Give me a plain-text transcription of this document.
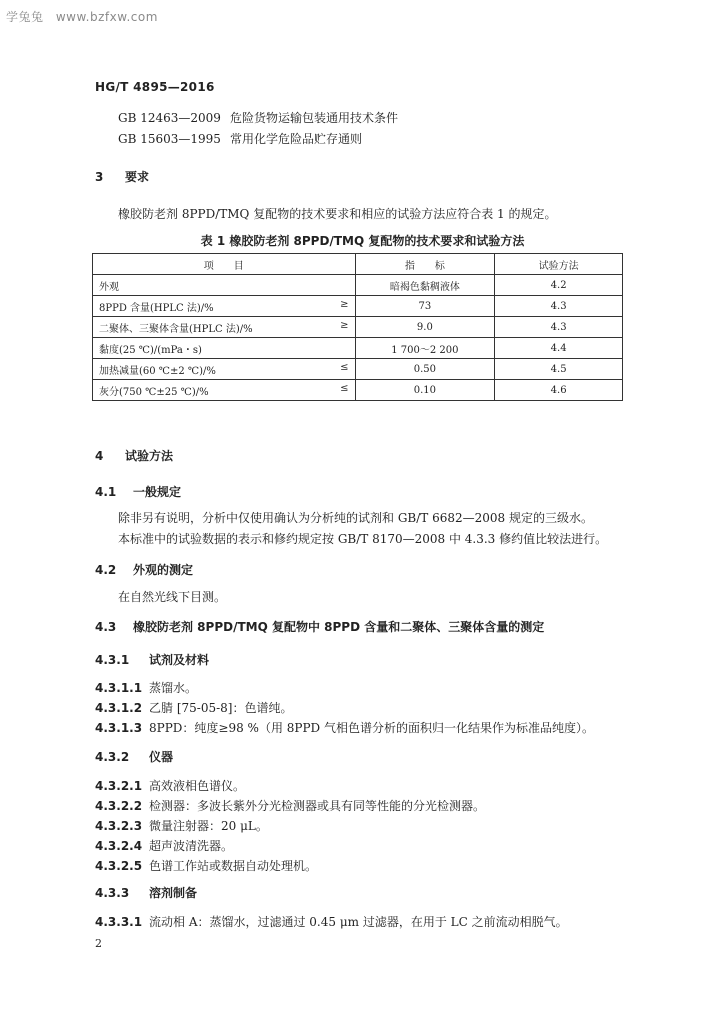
学兔兔 www.bzfxw.com
HG/T 4895—2016
GB 12463—2009 危险货物运输包装通用技术条件
GB 15603—1995 常用化学危险品贮存通则
3 要求
橡胶防老剂 8PPD/TMQ 复配物的技术要求和相应的试验方法应符合表 1 的规定。
表 1 橡胶防老剂 8PPD/TMQ 复配物的技术要求和试验方法
项　　目	指　　标	试验方法

外观	暗褐色黏稠液体	4.2

8PPD 含量(HPLC 法)/% ≥	73	4.3

二聚体、三聚体含量(HPLC 法)/% ≥	9.0	4.3

黏度(25 ℃)/(mPa・s)	1 700～2 200	4.4

加热减量(60 ℃±2 ℃)/% ≤	0.50	4.5

灰分(750 ℃±25 ℃)/% ≤	0.10	4.6
4 试验方法
4.1 一般规定
除非另有说明，分析中仅使用确认为分析纯的试剂和 GB/T 6682—2008 规定的三级水。
本标准中的试验数据的表示和修约规定按 GB/T 8170—2008 中 4.3.3 修约值比较法进行。
4.2 外观的测定
在自然光线下目测。
4.3 橡胶防老剂 8PPD/TMQ 复配物中 8PPD 含量和二聚体、三聚体含量的测定
4.3.1 试剂及材料
4.3.1.1 蒸馏水。
4.3.1.2 乙腈 [75-05-8]：色谱纯。
4.3.1.3 8PPD：纯度≥98 %（用 8PPD 气相色谱分析的面积归一化结果作为标准品纯度）。
4.3.2 仪器
4.3.2.1 高效液相色谱仪。
4.3.2.2 检测器：多波长紫外分光检测器或具有同等性能的分光检测器。
4.3.2.3 微量注射器：20 μL。
4.3.2.4 超声波清洗器。
4.3.2.5 色谱工作站或数据自动处理机。
4.3.3 溶剂制备
4.3.3.1 流动相 A：蒸馏水，过滤通过 0.45 μm 过滤器，在用于 LC 之前流动相脱气。
2
